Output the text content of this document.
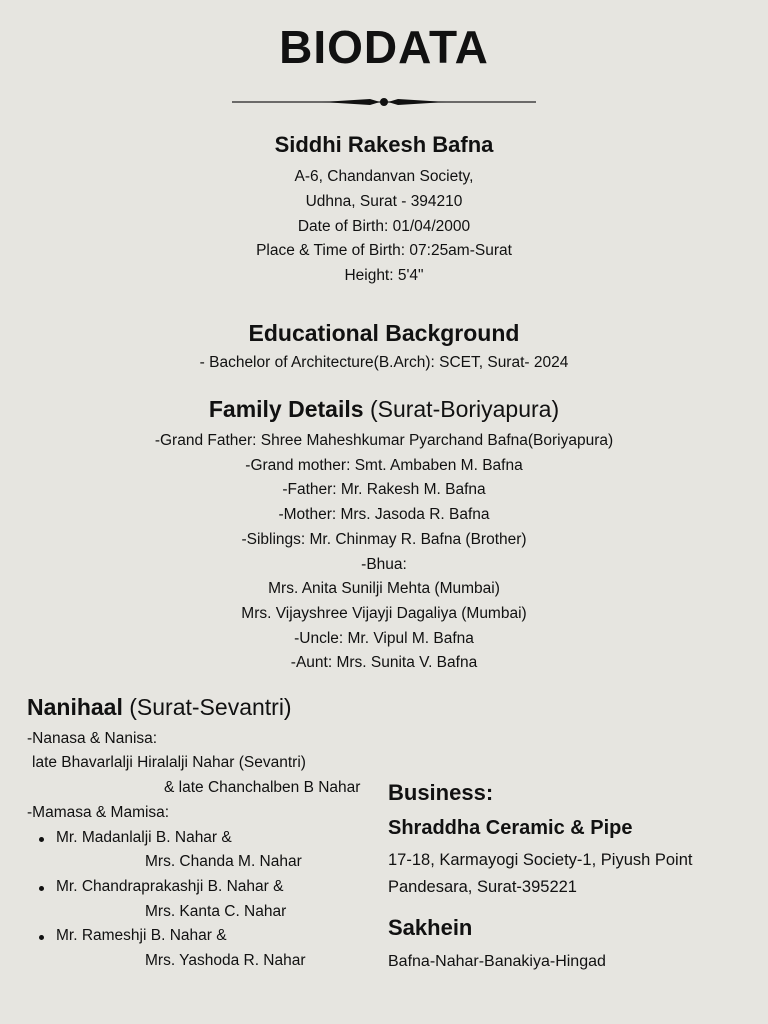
BIODATA
Siddhi Rakesh Bafna
A-6, Chandanvan Society,
Udhna, Surat - 394210
Date of Birth: 01/04/2000
Place & Time of Birth: 07:25am-Surat
Height: 5'4"
Educational Background
- Bachelor of Architecture(B.Arch): SCET, Surat- 2024
Family Details (Surat-Boriyapura)
-Grand Father: Shree Maheshkumar Pyarchand Bafna(Boriyapura)
-Grand mother: Smt. Ambaben M. Bafna
-Father: Mr. Rakesh M. Bafna
-Mother: Mrs. Jasoda R. Bafna
-Siblings: Mr. Chinmay R. Bafna (Brother)
-Bhua:
Mrs. Anita Sunilji Mehta (Mumbai)
Mrs. Vijayshree Vijayji Dagaliya (Mumbai)
-Uncle: Mr. Vipul M. Bafna
-Aunt: Mrs. Sunita V. Bafna
Nanihaal (Surat-Sevantri)
-Nanasa & Nanisa:
late Bhavarlalji Hiralalji Nahar (Sevantri)
& late Chanchalben B Nahar
-Mamasa & Mamisa:
Mr. Madanlalji B. Nahar &
Mrs. Chanda M. Nahar
Mr. Chandraprakashji B. Nahar &
Mrs. Kanta C. Nahar
Mr. Rameshji B. Nahar &
Mrs. Yashoda R. Nahar
Business:
Shraddha Ceramic & Pipe
17-18, Karmayogi Society-1, Piyush Point
Pandesara, Surat-395221
Sakhein
Bafna-Nahar-Banakiya-Hingad
